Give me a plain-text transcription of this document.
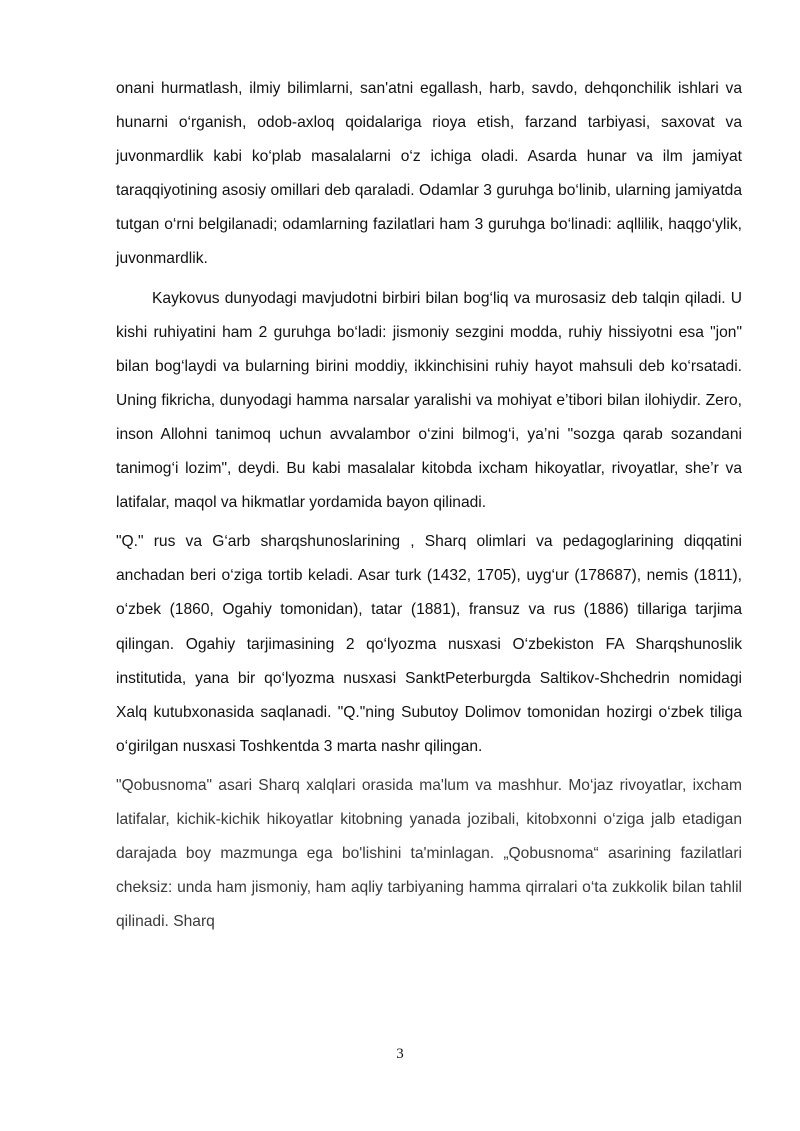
onani hurmatlash, ilmiy bilimlarni, san'atni egallash, harb, savdo, dehqonchilik ishlari va hunarni o‘rganish, odob-axloq qoidalariga rioya etish, farzand tarbiyasi, saxovat va juvonmardlik kabi ko‘plab masalalarni o‘z ichiga oladi. Asarda hunar va ilm jamiyat taraqqiyotining asosiy omillari deb qaraladi. Odamlar 3 guruhga bo‘linib, ularning jamiyatda tutgan o‘rni belgilanadi; odamlarning fazilatlari ham 3 guruhga bo‘linadi: aqllilik, haqgo‘ylik, juvonmardlik.

Kaykovus dunyodagi mavjudotni birbiri bilan bog‘liq va murosasiz deb talqin qiladi. U kishi ruhiyatini ham 2 guruhga bo‘ladi: jismoniy sezgini modda, ruhiy hissiyotni esa "jon" bilan bog‘laydi va bularning birini moddiy, ikkinchisini ruhiy hayot mahsuli deb ko‘rsatadi. Uning fikricha, dunyodagi hamma narsalar yaralishi va mohiyat e’tibori bilan ilohiydir. Zero, inson Allohni tanimoq uchun avvalambor o‘zini bilmog‘i, ya’ni "sozga qarab sozandani tanimog‘i lozim", deydi. Bu kabi masalalar kitobda ixcham hikoyatlar, rivoyatlar, she’r va latifalar, maqol va hikmatlar yordamida bayon qilinadi.

"Q." rus va G‘arb sharqshunoslarining , Sharq olimlari va pedagoglarining diqqatini anchadan beri o‘ziga tortib keladi. Asar turk (1432, 1705), uyg‘ur (178687), nemis (1811), o‘zbek (1860, Ogahiy tomonidan), tatar (1881), fransuz va rus (1886) tillariga tarjima qilingan. Ogahiy tarjimasining 2 qo‘lyozma nusxasi O‘zbekiston FA Sharqshunoslik institutida, yana bir qo‘lyozma nusxasi SanktPeterburgda Saltikov-Shchedrin nomidagi Xalq kutubxonasida saqlanadi. "Q."ning Subutoy Dolimov tomonidan hozirgi o‘zbek tiliga o‘girilgan nusxasi Toshkentda 3 marta nashr qilingan.

"Qobusnoma" asari Sharq xalqlari orasida ma'lum va mashhur. Mo‘jaz rivoyatlar, ixcham latifalar, kichik-kichik hikoyatlar kitobning yanada jozibali, kitobxonni o‘ziga jalb etadigan darajada boy mazmunga ega bo'lishini ta'minlagan. „Qobusnoma“ asarining fazilatlari cheksiz: unda ham jismoniy, ham aqliy tarbiyaning hamma qirralari o‘ta zukkolik bilan tahlil qilinadi. Sharq

3
